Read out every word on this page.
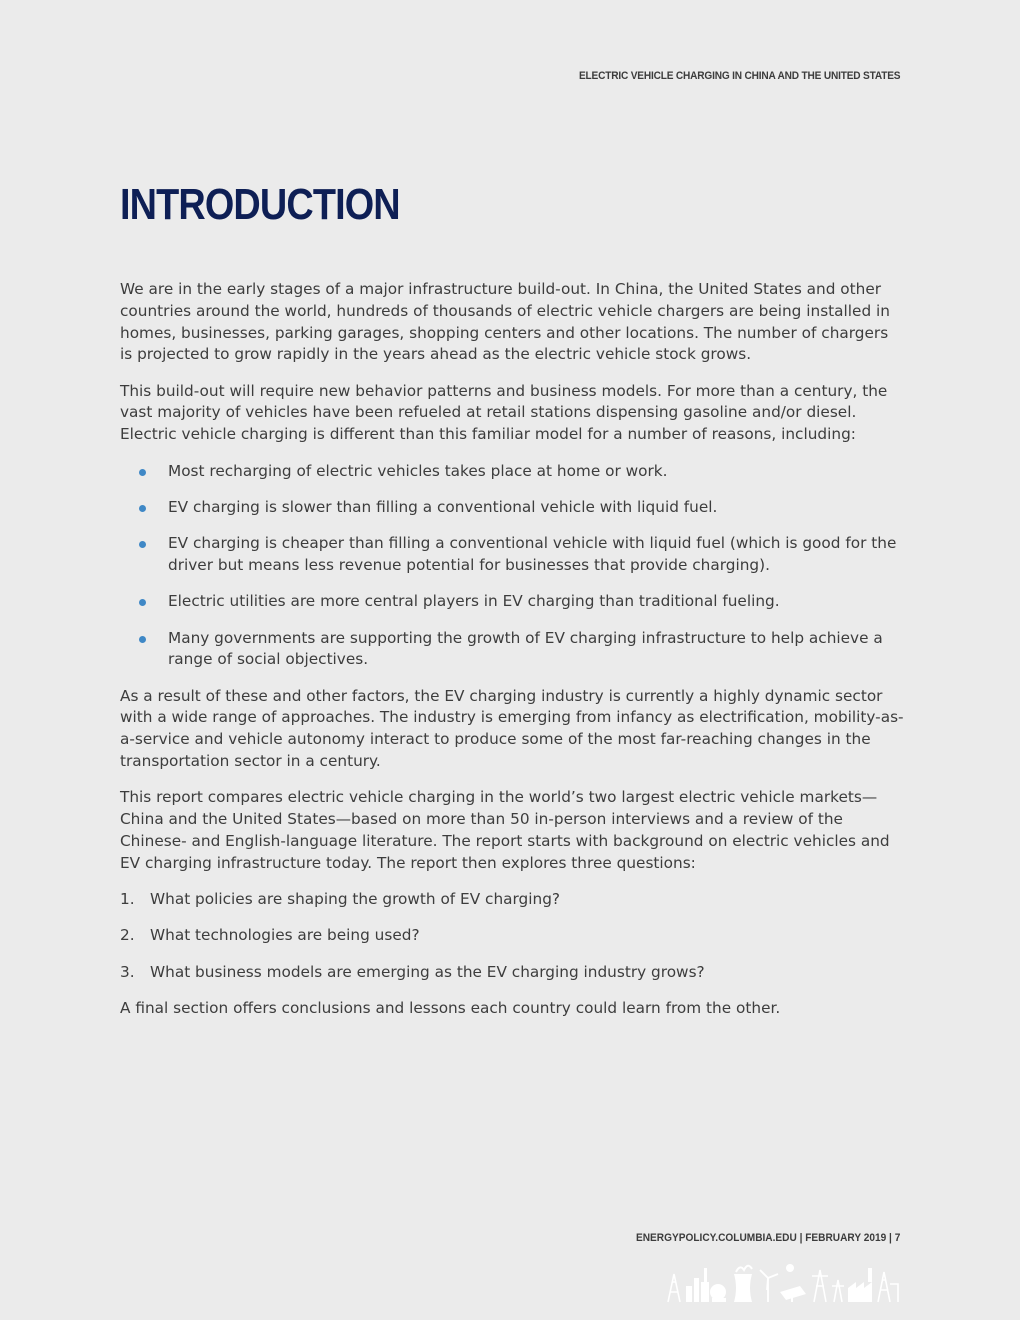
ELECTRIC VEHICLE CHARGING IN CHINA AND THE UNITED STATES
INTRODUCTION

We are in the early stages of a major infrastructure build-out. In China, the United States and other countries around the world, hundreds of thousands of electric vehicle chargers are being installed in homes, businesses, parking garages, shopping centers and other locations. The number of chargers is projected to grow rapidly in the years ahead as the electric vehicle stock grows.

This build-out will require new behavior patterns and business models. For more than a century, the vast majority of vehicles have been refueled at retail stations dispensing gasoline and/or diesel. Electric vehicle charging is different than this familiar model for a number of reasons, including:

Most recharging of electric vehicles takes place at home or work.
EV charging is slower than filling a conventional vehicle with liquid fuel.
EV charging is cheaper than filling a conventional vehicle with liquid fuel (which is good for the driver but means less revenue potential for businesses that provide charging).
Electric utilities are more central players in EV charging than traditional fueling.
Many governments are supporting the growth of EV charging infrastructure to help achieve a range of social objectives.

As a result of these and other factors, the EV charging industry is currently a highly dynamic sector with a wide range of approaches. The industry is emerging from infancy as electrification, mobility-as-a-service and vehicle autonomy interact to produce some of the most far-reaching changes in the transportation sector in a century.

This report compares electric vehicle charging in the world’s two largest electric vehicle markets—China and the United States—based on more than 50 in-person interviews and a review of the Chinese- and English-language literature. The report starts with background on electric vehicles and EV charging infrastructure today. The report then explores three questions:

1. What policies are shaping the growth of EV charging?
2. What technologies are being used?
3. What business models are emerging as the EV charging industry grows?

A final section offers conclusions and lessons each country could learn from the other.

ENERGYPOLICY.COLUMBIA.EDU | FEBRUARY 2019 | 7
